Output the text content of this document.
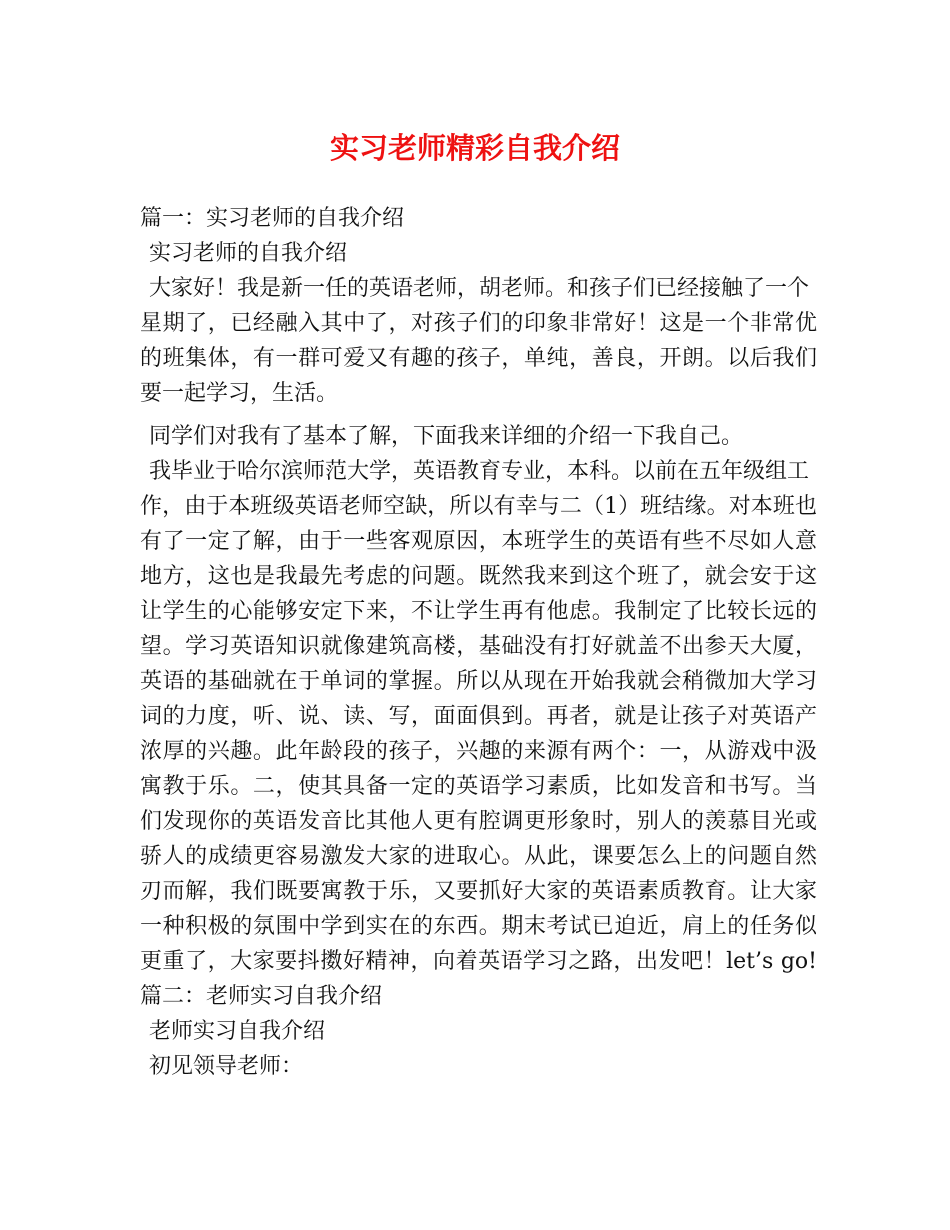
实习老师精彩自我介绍

篇一：实习老师的自我介绍

实习老师的自我介绍

大家好！我是新一任的英语老师，胡老师。和孩子们已经接触了一个

星期了，已经融入其中了，对孩子们的印象非常好！这是一个非常优

的班集体，有一群可爱又有趣的孩子，单纯，善良，开朗。以后我们

要一起学习，生活。

同学们对我有了基本了解，下面我来详细的介绍一下我自己。

我毕业于哈尔滨师范大学，英语教育专业，本科。以前在五年级组工

作，由于本班级英语老师空缺，所以有幸与二（1）班结缘。对本班也

有了一定了解，由于一些客观原因，本班学生的英语有些不尽如人意

地方，这也是我最先考虑的问题。既然我来到这个班了，就会安于这

让学生的心能够安定下来，不让学生再有他虑。我制定了比较长远的

望。学习英语知识就像建筑高楼，基础没有打好就盖不出参天大厦，

英语的基础就在于单词的掌握。所以从现在开始我就会稍微加大学习

词的力度，听、说、读、写，面面俱到。再者，就是让孩子对英语产

浓厚的兴趣。此年龄段的孩子，兴趣的来源有两个：一，从游戏中汲

寓教于乐。二，使其具备一定的英语学习素质，比如发音和书写。当

们发现你的英语发音比其他人更有腔调更形象时，别人的羡慕目光或

骄人的成绩更容易激发大家的进取心。从此，课要怎么上的问题自然

刃而解，我们既要寓教于乐，又要抓好大家的英语素质教育。让大家

一种积极的氛围中学到实在的东西。期末考试已迫近，肩上的任务似

更重了，大家要抖擞好精神，向着英语学习之路，出发吧！let’s go!

篇二：老师实习自我介绍

老师实习自我介绍

初见领导老师：
